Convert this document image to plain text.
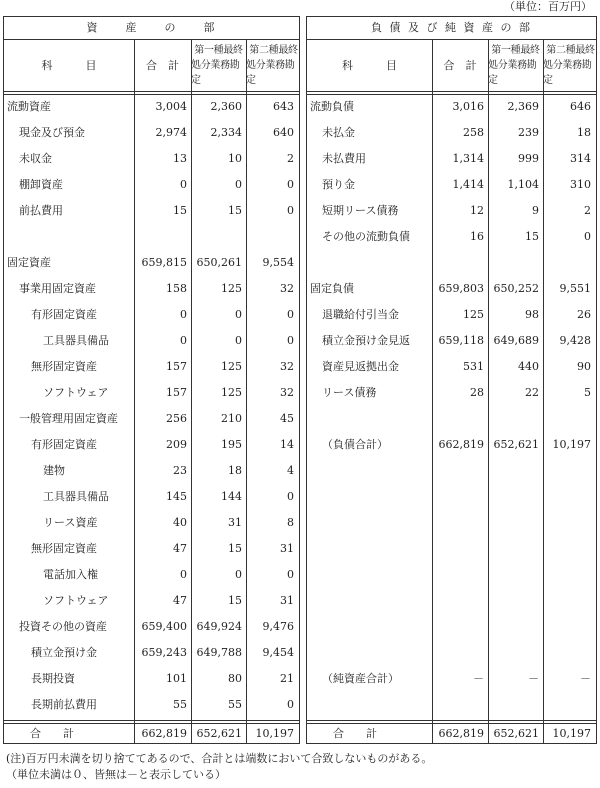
（単位：百万円）
資　　産　　の　　部
科　　　目	合　計
第一種最終
処分業務勘定
第二種最終
処分業務勘定
流動資産	3,004 2,360	643
現金及び預金	2,974 2,334	640
未収金	13	10	2
棚卸資産	0	0	0
前払費用	15	15	0
固定資産	659,815 650,261 9,554
事業用固定資産	158	125	32
有形固定資産	0	0	0
工具器具備品	0	0	0
無形固定資産	157	125	32
ソフトウェア	157	125	32
一般管理用固定資産	256	210	45
有形固定資産	209	195	14
建物	23	18	4
工具器具備品	145	144	0
リース資産	40	31	8
無形固定資産	47	15	31
電話加入権	0	0	0
ソフトウェア	47	15	31
投資その他の資産	659,400 649,924 9,476
積立金預け金	659,243 649,788 9,454
長期投資	101	80	21
長期前払費用	55	55	0
合　　計	662,819 652,621 10,197
負 債 及 び 純 資 産 の 部
科　　　目	合　計
第一種最終
処分業務勘定
第二種最終
処分業務勘定
流動負債	3,016 2,369	646
未払金	258	239	18
未払費用	1,314	999	314
預り金	1,414 1,104	310
短期リース債務	12	9	2
その他の流動負債	16	15	0
固定負債	659,803 650,252 9,551
退職給付引当金	125	98	26
積立金預け金見返	659,118 649,689 9,428
資産見返拠出金	531	440	90
リース債務	28	22	5
（負債合計）	662,819 652,621 10,197
（純資産合計）	－	－	－
合　　計	662,819 652,621 10,197
(注)百万円未満を切り捨ててあるので、合計とは端数において合致しないものがある。
（単位未満は０、皆無は－と表示している）
